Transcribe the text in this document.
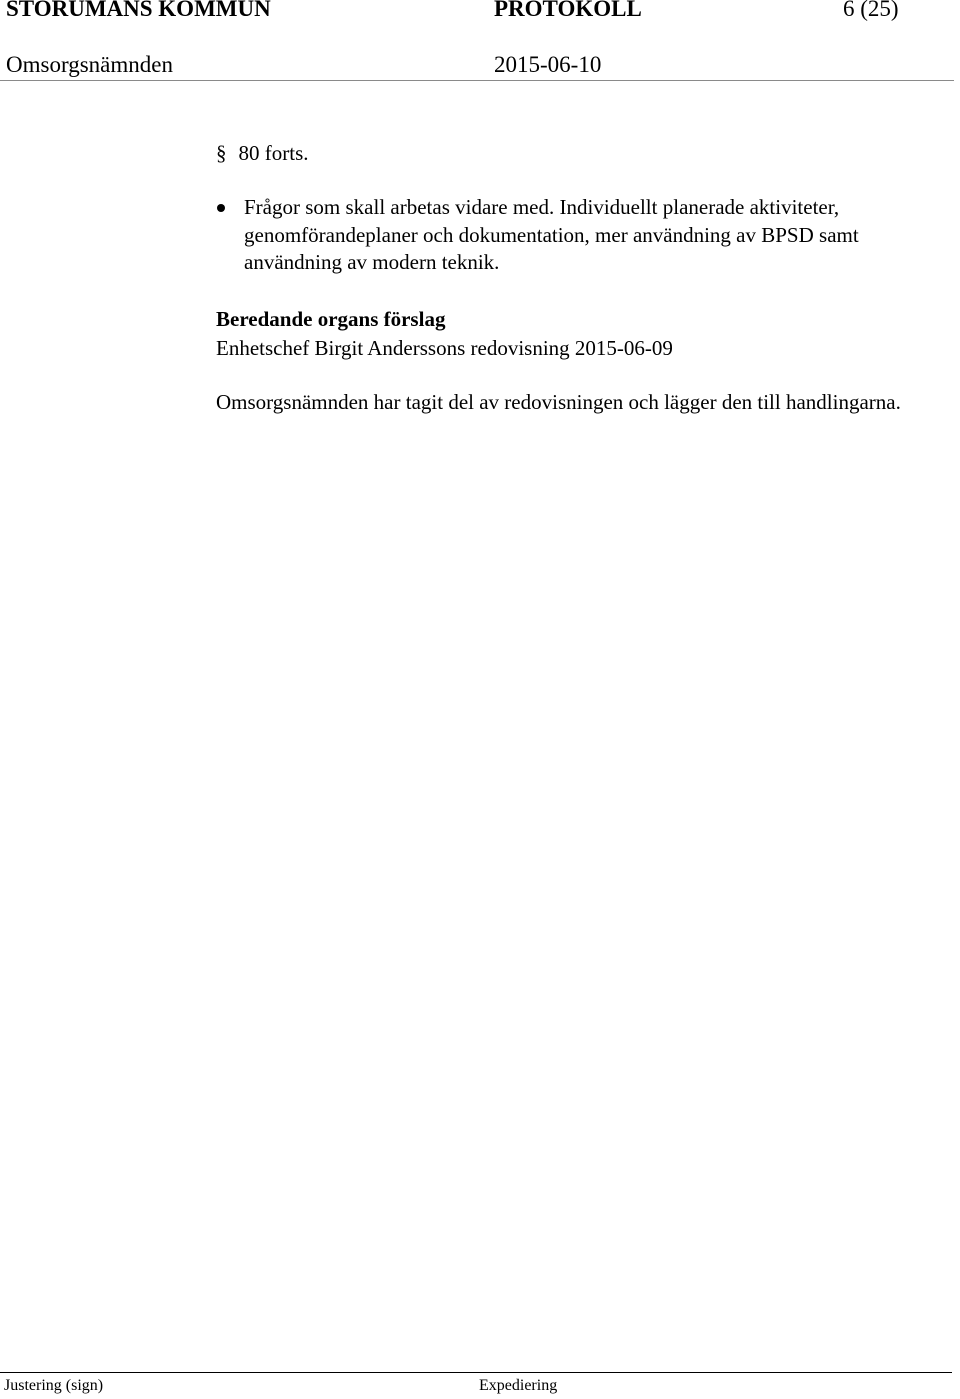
STORUMANS KOMMUN	PROTOKOLL	6 (25)
Omsorgsnämnden	2015-06-10
§ 80 forts.
Frågor som skall arbetas vidare med. Individuellt planerade aktiviteter, genomförandeplaner och dokumentation, mer användning av BPSD samt användning av modern teknik.
Beredande organs förslag
Enhetschef Birgit Anderssons redovisning 2015-06-09
Omsorgsnämnden har tagit del av redovisningen och lägger den till handlingarna.
Justering (sign)	Expediering
